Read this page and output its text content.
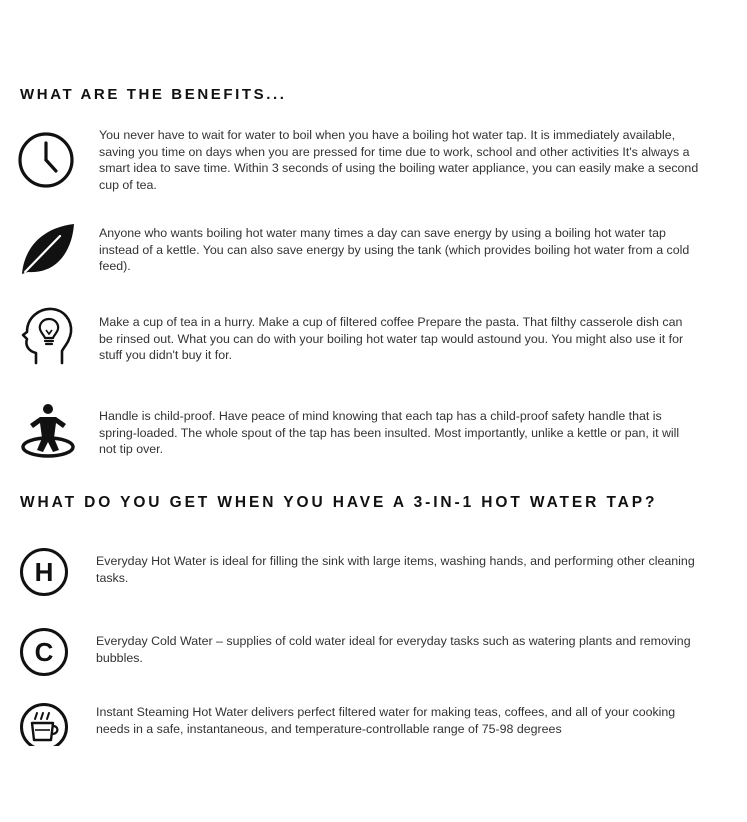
WHAT ARE THE BENEFITS...

You never have to wait for water to boil when you have a boiling hot water tap. It is immediately available, saving you time on days when you are pressed for time due to work, school and other activities It's always a smart idea to save time. Within 3 seconds of using the boiling water appliance, you can easily make a second cup of tea.

Anyone who wants boiling hot water many times a day can save energy by using a boiling hot water tap instead of a kettle. You can also save energy by using the tank (which provides boiling hot water from a cold feed).

Make a cup of tea in a hurry. Make a cup of filtered coffee Prepare the pasta. That filthy casserole dish can be rinsed out. What you can do with your boiling hot water tap would astound you. You might also use it for stuff you didn't buy it for.

Handle is child-proof. Have peace of mind knowing that each tap has a child-proof safety handle that is spring-loaded. The whole spout of the tap has been insulted. Most importantly, unlike a kettle or pan, it will not tip over.

WHAT DO YOU GET WHEN YOU HAVE A 3-IN-1 HOT WATER TAP?
H	Everyday Hot Water is ideal for filling the sink with large items, washing hands, and performing other cleaning tasks.

C	Everyday Cold Water – supplies of cold water ideal for everyday tasks such as watering plants and removing bubbles.

Instant Steaming Hot Water delivers perfect filtered water for making teas, coffees, and all of your cooking needs in a safe, instantaneous, and temperature-controllable range of 75-98 degrees
